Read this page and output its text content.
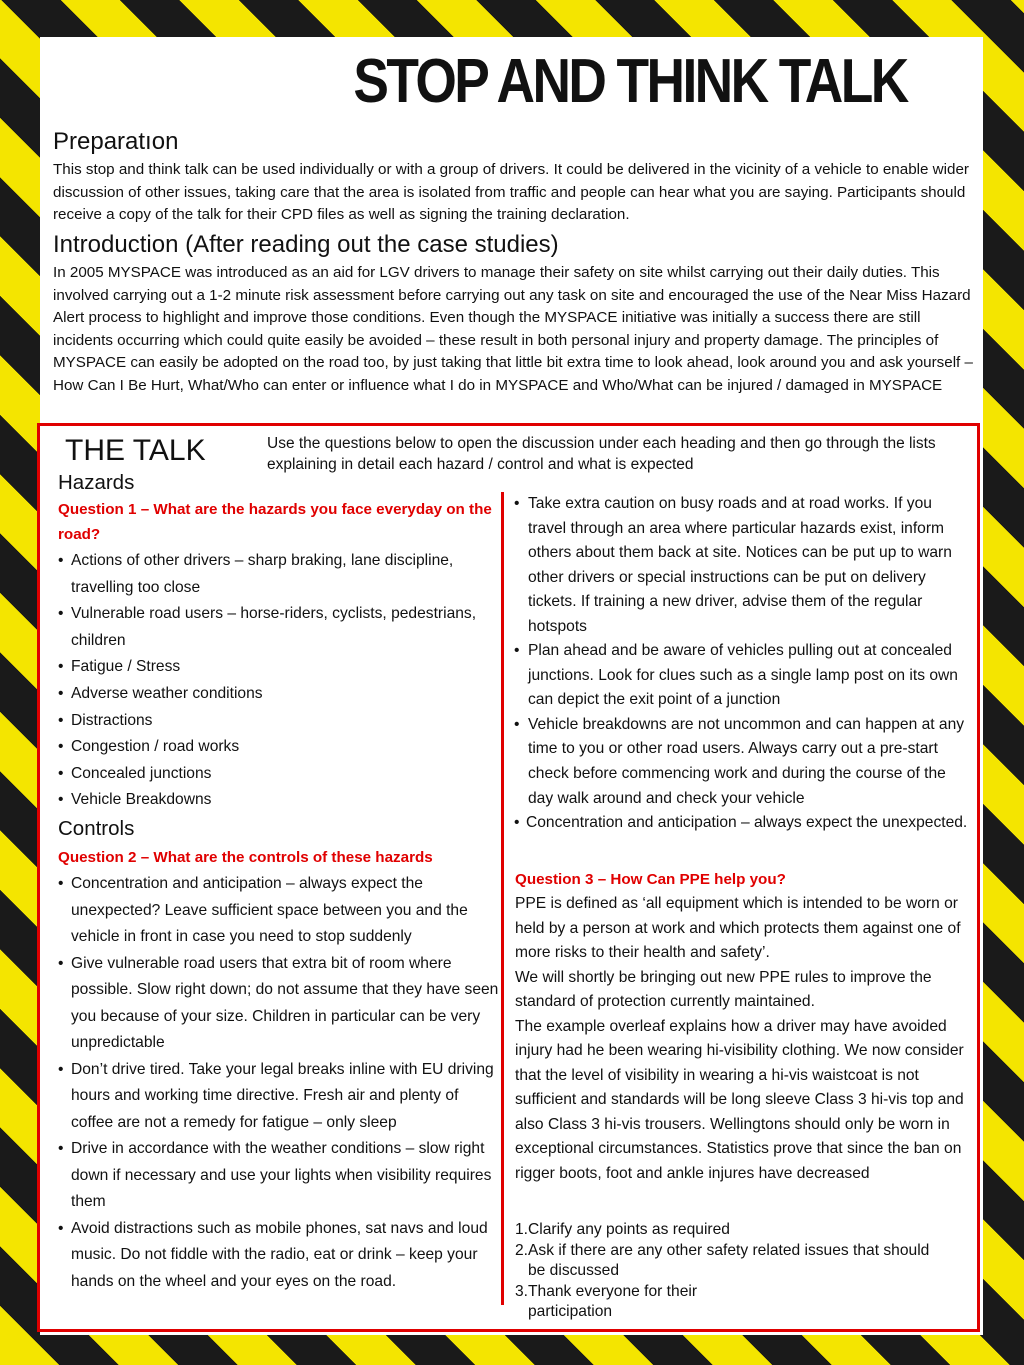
STOP AND THINK TALK
Preparatıon

This stop and think talk can be used individually or with a group of drivers. It could be delivered in the vicinity of a vehicle to enable wider discussion of other issues, taking care that the area is isolated from traffic and people can hear what you are saying. Participants should receive a copy of the talk for their CPD files as well as signing the training declaration.

Introduction (After reading out the case studies)

In 2005 MYSPACE was introduced as an aid for LGV drivers to manage their safety on site whilst carrying out their daily duties. This involved carrying out a 1-2 minute risk assessment before carrying out any task on site and encouraged the use of the Near Miss Hazard Alert process to highlight and improve those conditions. Even though the MYSPACE initiative was initially a success there are still incidents occurring which could quite easily be avoided – these result in both personal injury and property damage. The principles of MYSPACE can easily be adopted on the road too, by just taking that little bit extra time to look ahead, look around you and ask yourself – How Can I Be Hurt, What/Who can enter or influence what I do in MYSPACE and Who/What can be injured / damaged in MYSPACE

THE TALK	Use the questions below to open the discussion under each heading and then go through the lists explaining in detail each hazard / control and what is expected

Hazards

Question 1 – What are the hazards you face everyday on the road?

• Actions of other drivers – sharp braking, lane discipline, travelling too close
• Vulnerable road users – horse-riders, cyclists, pedestrians, children
• Fatigue / Stress
• Adverse weather conditions
• Distractions
• Congestion / road works
• Concealed junctions
• Vehicle Breakdowns
Controls

Question 2 – What are the controls of these hazards

• Concentration and anticipation – always expect the unexpected? Leave sufficient space between you and the vehicle in front in case you need to stop suddenly
• Give vulnerable road users that extra bit of room where possible. Slow right down; do not assume that they have seen you because of your size. Children in particular can be very unpredictable
• Don’t drive tired. Take your legal breaks inline with EU driving hours and working time directive. Fresh air and plenty of coffee are not a remedy for fatigue – only sleep
• Drive in accordance with the weather conditions – slow right down if necessary and use your lights when visibility requires them
• Avoid distractions such as mobile phones, sat navs and loud music. Do not fiddle with the radio, eat or drink – keep your hands on the wheel and your eyes on the road.
• Take extra caution on busy roads and at road works. If you travel through an area where particular hazards exist, inform others about them back at site. Notices can be put up to warn other drivers or special instructions can be put on delivery tickets. If training a new driver, advise them of the regular hotspots
• Plan ahead and be aware of vehicles pulling out at concealed junctions. Look for clues such as a single lamp post on its own can depict the exit point of a junction
• Vehicle breakdowns are not uncommon and can happen at any time to you or other road users. Always carry out a pre-start check before commencing work and during the course of the day walk around and check your vehicle
• Concentration and anticipation – always expect the unexpected.

Question 3 – How Can PPE help you?

PPE is defined as ‘all equipment which is intended to be worn or held by a person at work and which protects them against one of more risks to their health and safety’.

We will shortly be bringing out new PPE rules to improve the standard of protection currently maintained.

The example overleaf explains how a driver may have avoided injury had he been wearing hi-visibility clothing. We now consider that the level of visibility in wearing a hi-vis waistcoat is not sufficient and standards will be long sleeve Class 3 hi-vis top and also Class 3 hi-vis trousers. Wellingtons should only be worn in exceptional circumstances. Statistics prove that since the ban on rigger boots, foot and ankle injures have decreased

1. Clarify any points as required
2. Ask if there are any other safety related issues that should be discussed
3. Thank everyone for their participation
